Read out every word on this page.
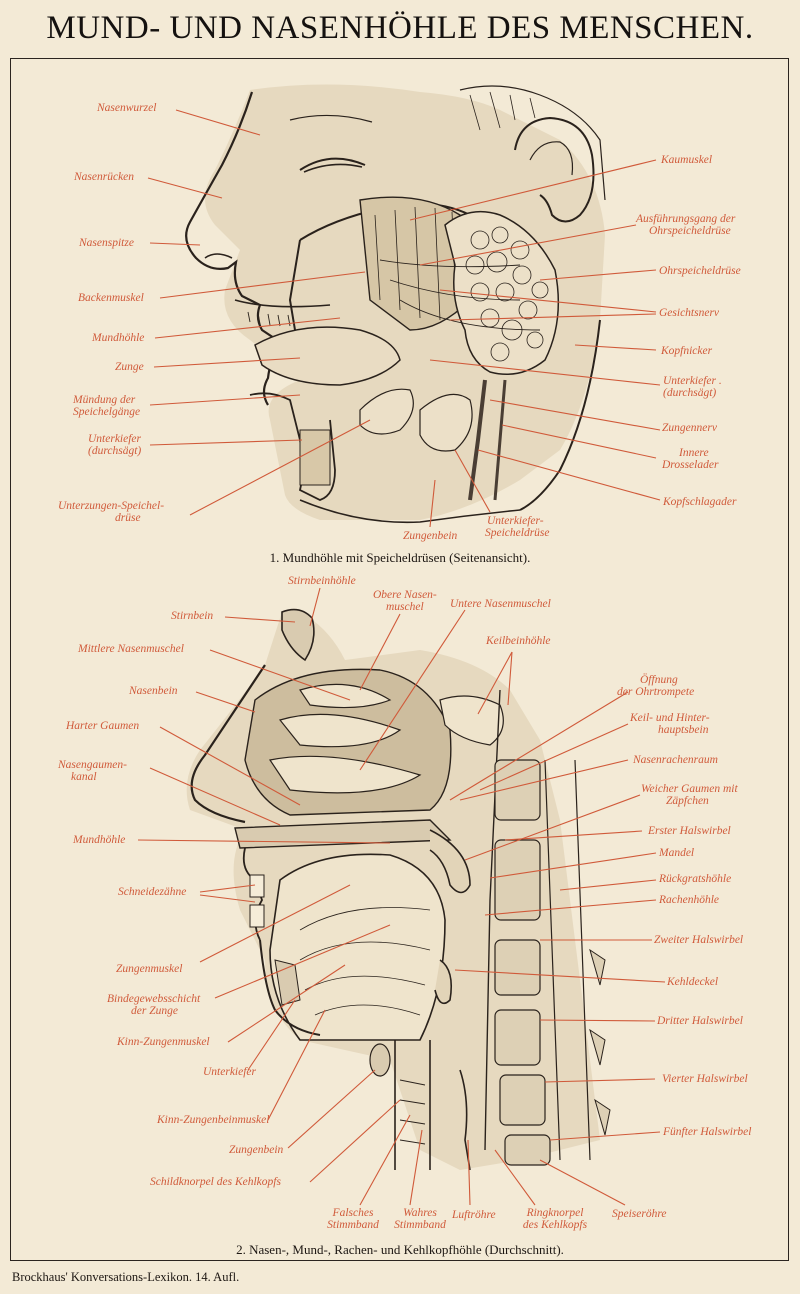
MUND- UND NASENHÖHLE DES MENSCHEN.
Nasenwurzel
Nasenrücken
Nasenspitze
Backenmuskel
Mundhöhle
Zunge
Mündung der
Speichelgänge
Unterkiefer
(durchsägt)
Unterzungen-Speichel-
drüse
Zungenbein
Unterkiefer-
Speicheldrüse
Kaumuskel
Ausführungsgang der
Ohrspeicheldrüse
Ohrspeicheldrüse
Gesichtsnerv
Kopfnicker
Unterkiefer .
(durchsägt)
Zungennerv
Innere
Drosselader
Kopfschlagader
1. Mundhöhle mit Speicheldrüsen (Seitenansicht).
Stirnbeinhöhle
Obere Nasen-
muschel Untere Nasenmuschel
Keilbeinhöhle
Stirnbein
Mittlere Nasenmuschel
Nasenbein
Harter Gaumen
Nasengaumen-
kanal
Mundhöhle
Schneidezähne
Zungenmuskel
Bindegewebsschicht
der Zunge
Kinn-Zungenmuskel
Unterkiefer
Kinn-Zungenbeinmuskel
Zungenbein
Schildknorpel des Kehlkopfs
Falsches
Stimmband
Wahres
Stimmband
Luftröhre	Ringknorpel
des Kehlkopfs
Speiseröhre
Öffnung
der Ohrtrompete
Keil- und Hinter-
hauptsbein
Nasenrachenraum
Weicher Gaumen mit
Zäpfchen
Erster Halswirbel
Mandel
Rückgratshöhle
Rachenhöhle
Zweiter Halswirbel
Kehldeckel
Dritter Halswirbel
Vierter Halswirbel
Fünfter Halswirbel
2. Nasen-, Mund-, Rachen- und Kehlkopfhöhle (Durchschnitt).
Brockhaus' Konversations-Lexikon. 14. Aufl.
